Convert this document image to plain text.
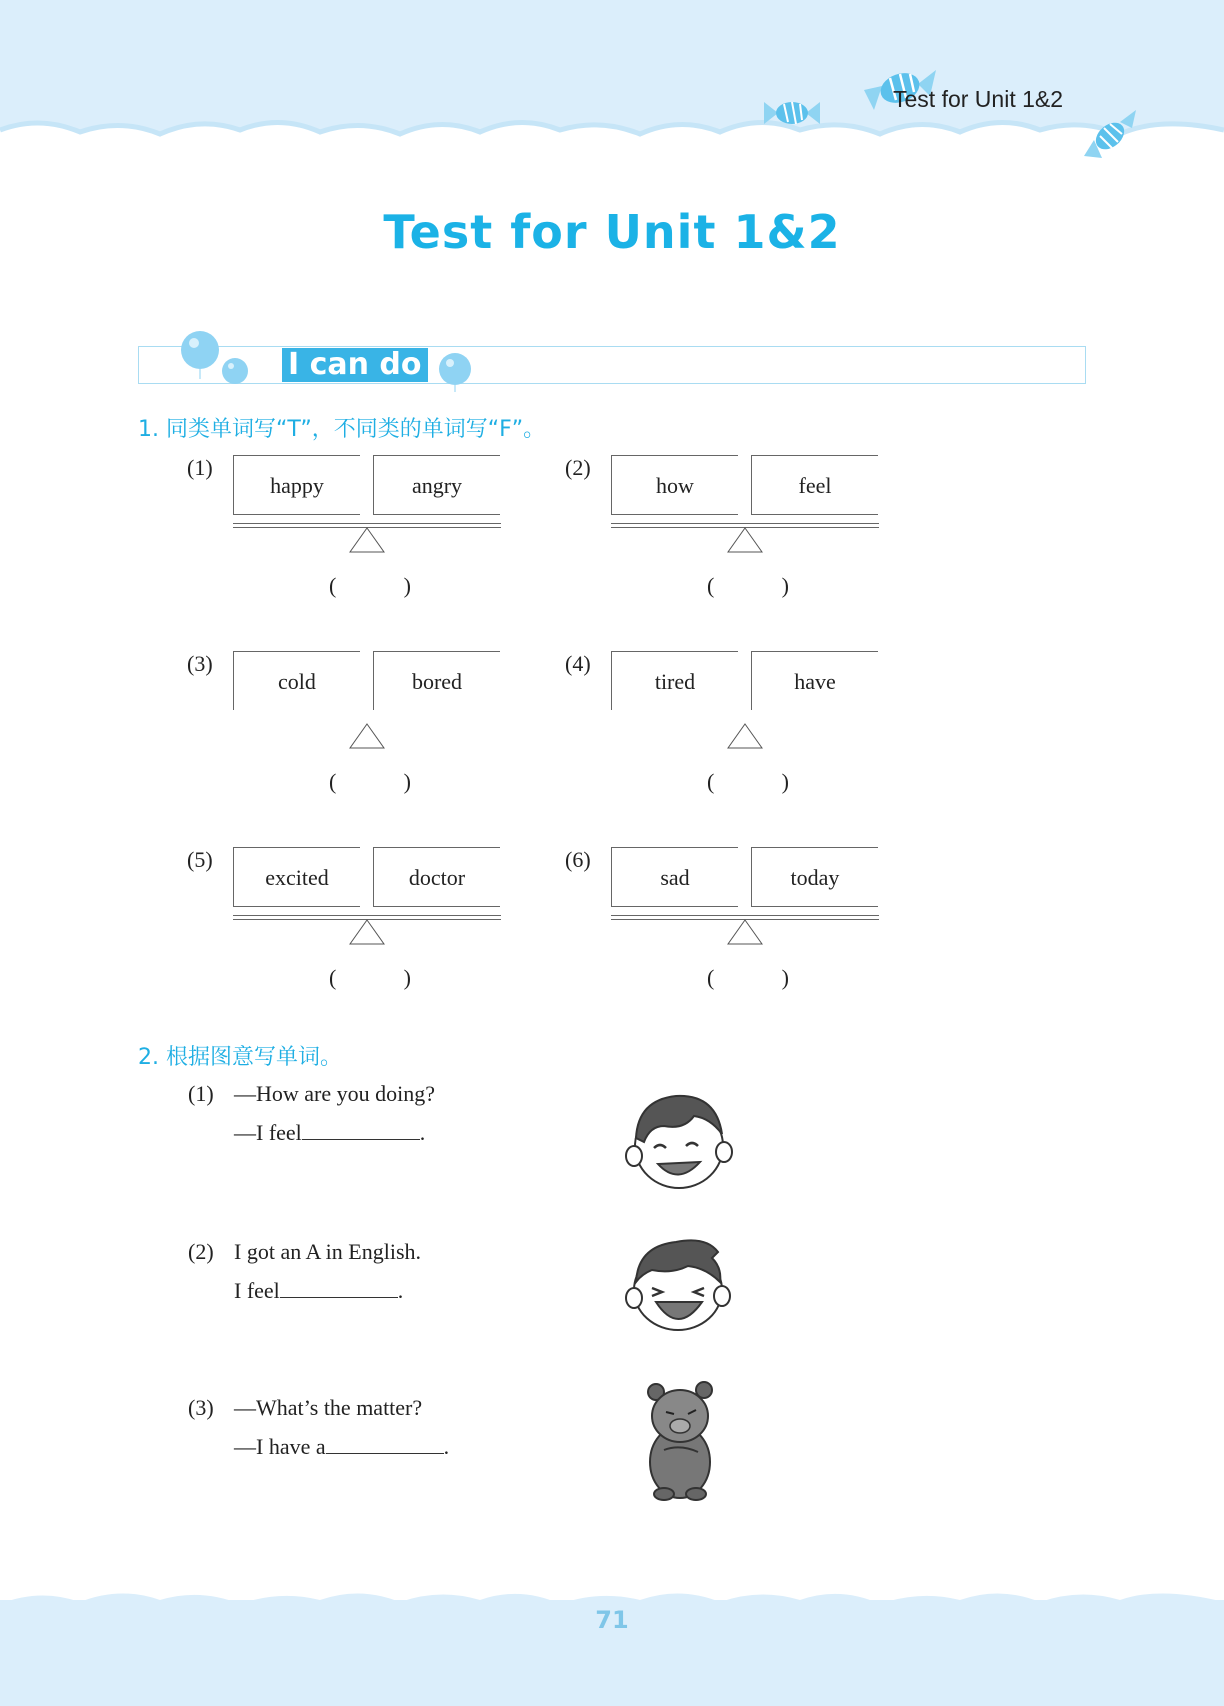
Test for Unit 1&2
Test for Unit 1&2
I can do
1. 同类单词写“T”，不同类的单词写“F”。
(1)
happy	angry
(	)
(2)
how	feel
(	)
(3)
cold	bored
(	)
(4)
tired	have
(	)
(5)
excited	doctor
(	)
(6)
sad	today
(	)
2. 根据图意写单词。
(1) —How are you doing?
—I feel	.
(2) I got an A in English.
I feel	.
(3) —What’s the matter?
—I have a	.
71
